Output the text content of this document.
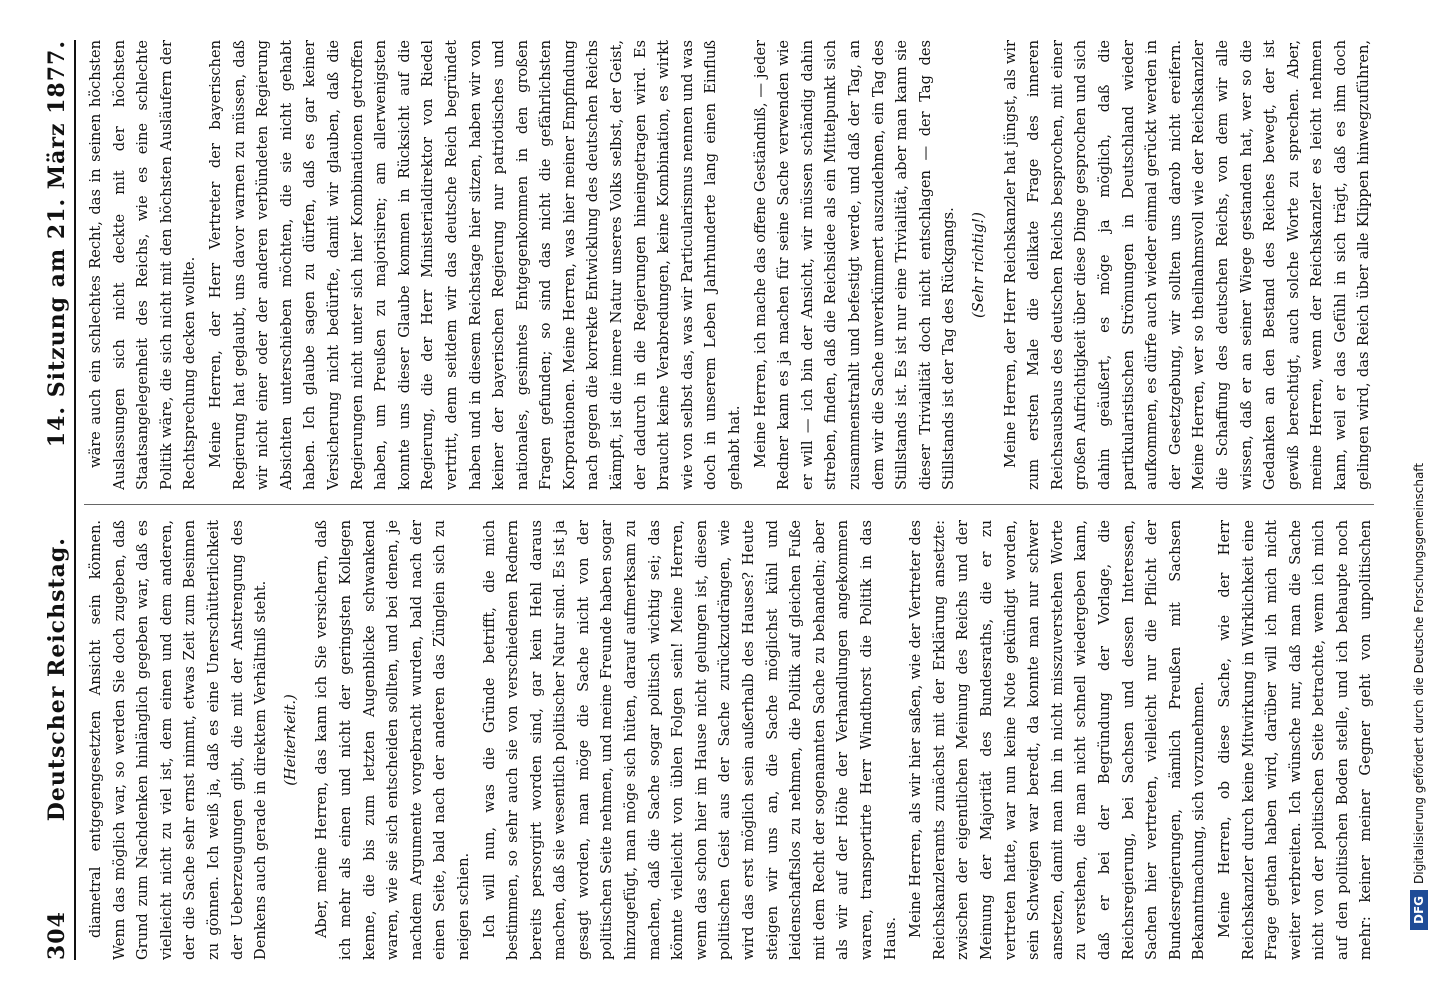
304
Deutscher Reichstag.
14. Sitzung am 21. März 1877.

diametral entgegengesetzten Ansicht sein können. Wenn das möglich war, so werden Sie doch zugeben, daß Grund zum Nachdenken hinlänglich gegeben war, daß es vielleicht nicht zu viel ist, dem einen und dem anderen, der die Sache sehr ernst nimmt, etwas Zeit zum Besinnen zu gönnen. Ich weiß ja, daß es eine Unerschütterlichkeit der Ueberzeugungen gibt, die mit der Anstrengung des Denkens auch gerade in direktem Verhältniß steht. (Heiterkeit.) Aber, meine Herren, das kann ich Sie versichern, daß ich mehr als einen und nicht der geringsten Kollegen kenne, die bis zum letzten Augenblicke schwankend waren, wie sie sich entscheiden sollten, und bei denen, je nachdem Argumente vorgebracht wurden, bald nach der einen Seite, bald nach der anderen das Zünglein sich zu neigen schien. Ich will nun, was die Gründe betrifft, die mich bestimmen, so sehr auch sie von verschiedenen Rednern bereits persorgirt worden sind, gar kein Hehl daraus machen, daß sie wesentlich politischer Natur sind. Es ist ja gesagt worden, man möge die Sache nicht von der politischen Seite nehmen, und meine Freunde haben sogar hinzugefügt, man möge sich hüten, darauf aufmerksam zu machen, daß die Sache sogar politisch wichtig sei; das könnte vielleicht von üblen Folgen sein! Meine Herren, wenn das schon hier im Hause nicht gelungen ist, diesen politischen Geist aus der Sache zurückzudrängen, wie wird das erst möglich sein außerhalb des Hauses? Heute steigen wir uns an, die Sache möglichst kühl und leidenschaftslos zu nehmen, die Politik auf gleichen Fuße mit dem Recht der sogenannten Sache zu behandeln; aber als wir auf der Höhe der Verhandlungen angekommen waren, transportirte Herr Windthorst die Politik in das Haus.

Meine Herren, als wir hier saßen, wie der Vertreter des Reichskanzleramts zunächst mit der Erklärung ansetzte: zwischen der eigentlichen Meinung des Reichs und der Meinung der Majorität des Bundesraths, die er zu vertreten hatte, war nun keine Note gekündigt worden, sein Schweigen war beredt, da konnte man nur schwer ansetzen, damit man ihn in nicht misszuverstehen Worte zu verstehen, die man nicht schnell wiedergeben kann, daß er bei der Begründung der Vorlage, die Reichsregierung, bei Sachsen und dessen Interessen, Sachen hier vertreten, vielleicht nur die Pflicht der Bundesregierungen, nämlich Preußen mit Sachsen Bekanntmachung, sich vorzunehmen. Meine Herren, ob diese Sache, wie der Herr Reichskanzler durch keine Mitwirkung in Wirklichkeit eine Frage gethan haben wird, darüber will ich mich nicht weiter verbreiten. Ich wünsche nur, daß man die Sache nicht von der politischen Seite betrachte, wenn ich mich auf den politischen Boden stelle, und ich behaupte noch mehr: keiner meiner Gegner geht von unpolitischen

wäre auch ein schlechtes Recht, das in seinen höchsten Auslassungen sich nicht deckte mit der höchsten Staatsangelegenheit des Reichs, wie es eine schlechte Politik wäre, die sich nicht mit den höchsten Ausläufern der Rechtsprechung decken wollte. Meine Herren, der Herr Vertreter der bayerischen Regierung hat geglaubt, uns davor warnen zu müssen, daß wir nicht einer oder der anderen verbündeten Regierung Absichten unterschieben möchten, die sie nicht gehabt haben. Ich glaube sagen zu dürfen, daß es gar keiner Versicherung nicht bedürfte, damit wir glauben, daß die Regierungen nicht unter sich hier Kombinationen getroffen haben, um Preußen zu majorisiren; am allerwenigsten konnte uns dieser Glaube kommen in Rücksicht auf die Regierung, die der Herr Ministerialdirektor von Riedel vertritt, denn seitdem wir das deutsche Reich begründet haben und in diesem Reichstage hier sitzen, haben wir von keiner der bayerischen Regierung nur patriotisches und nationales, gesinntes Entgegenkommen in den großen Fragen gefunden; so sind das nicht die gefährlichsten Korporationen. Meine Herren, was hier meiner Empfindung nach gegen die korrekte Entwicklung des deutschen Reichs kämpft, ist die innere Natur unseres Volks selbst, der Geist, der dadurch in die Regierungen hineingetragen wird. Es braucht keine Verabredungen, keine Kombination, es wirkt wie von selbst das, was wir Particularismus nennen und was doch in unserem Leben Jahrhunderte lang einen Einfluß gehabt hat. Meine Herren, ich mache das offene Geständniß, — jeder Redner kann es ja machen für seine Sache verwenden wie er will — ich bin der Ansicht, wir müssen schändig dahin streben, finden, daß die Reichsidee als ein Mittelpunkt sich zusammenstrahlt und befestigt werde, und daß der Tag, an dem wir die Sache unverkümmert auszudehnen, ein Tag des Stillstands ist. Es ist nur eine Trivialität, aber man kann sie dieser Trivialität doch nicht entschlagen — der Tag des Stillstands ist der Tag des Rückgangs. (Sehr richtig!)

Meine Herren, der Herr Reichskanzler hat jüngst, als wir zum ersten Male die delikate Frage des inneren Reichsausbaus des deutschen Reichs besprochen, mit einer großen Aufrichtigkeit über diese Dinge gesprochen und sich dahin geäußert, es möge ja möglich, daß die partikularistischen Strömungen in Deutschland wieder aufkommen, es dürfe auch wieder einmal gerückt werden in der Gesetzgebung, wir sollten uns darob nicht ereifern. Meine Herren, wer so theilnahmsvoll wie der Reichskanzler die Schaffung des deutschen Reichs, von dem wir alle wissen, daß er an seiner Wiege gestanden hat, wer so die Gedanken an den Bestand des Reiches bewegt, der ist gewiß berechtigt, auch solche Worte zu sprechen. Aber, meine Herren, wenn der Reichskanzler es leicht nehmen kann, weil er das Gefühl in sich trägt, daß es ihm doch gelingen wird, das Reich über alle Klippen hinwegzuführen,

DFG
Digitalisierung gefördert durch die Deutsche Forschungsgemeinschaft
